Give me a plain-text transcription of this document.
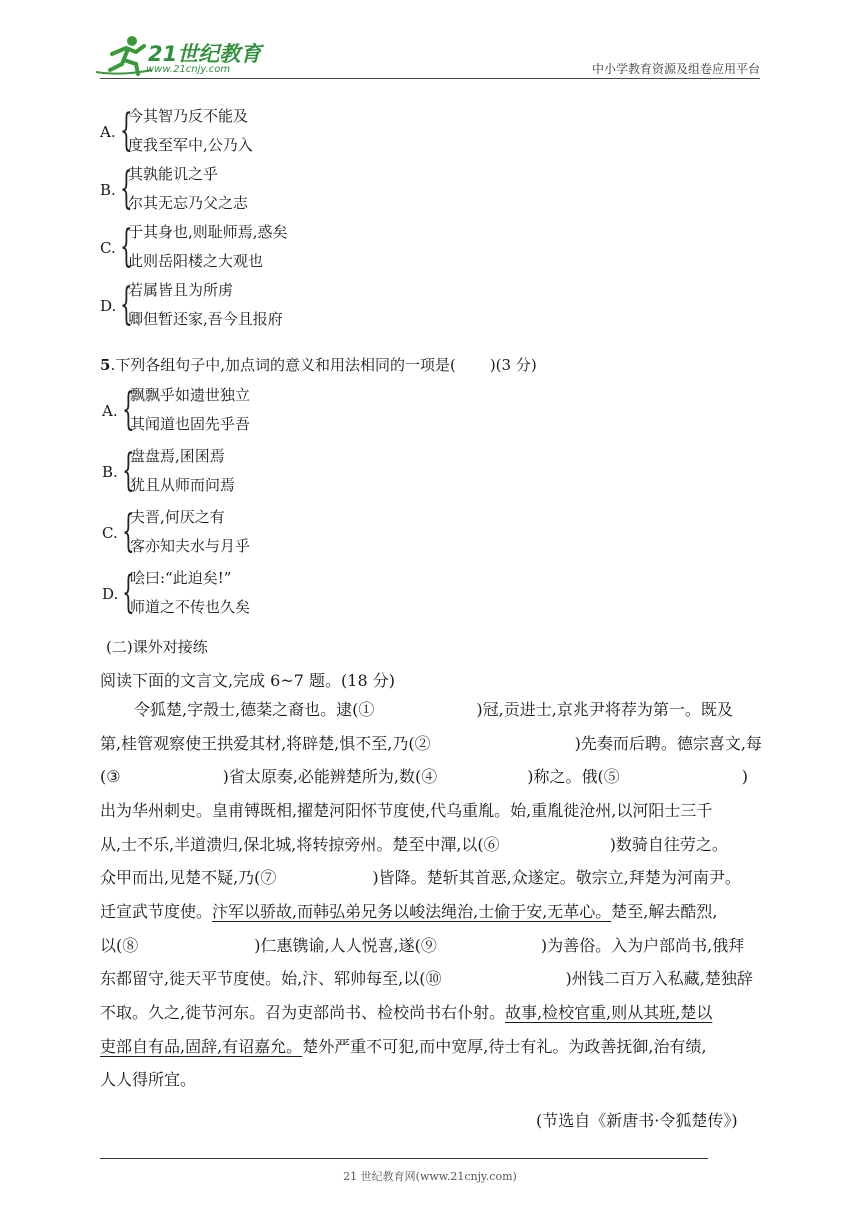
21世纪教育
www.21cnjy.com	中小学教育资源及组卷应用平台
A. {
今其智乃反不能及
度我至军中,公乃入
B. {
其孰能讥之乎
尔其无忘乃父之志
C. {
于其身也,则耻师焉,惑矣
此则岳阳楼之大观也
D. {
若属皆且为所虏
卿但暂还家,吾今且报府
5.下列各组句子中,加点词的意义和用法相同的一项是( )(3 分)
A. {
飘飘乎如遗世独立
其闻道也固先乎吾
B. {
盘盘焉,囷囷焉
犹且从师而问焉
C. {
夫晋,何厌之有
客亦知夫水与月乎
D. {
哙曰:“此迫矣!”
师道之不传也久矣
(二)课外对接练
阅读下面的文言文,完成 6~7 题。(18 分)
令狐楚,字殼士,德棻之裔也。逮(①	)冠,贡进士,京兆尹将荐为第一。既及
第,桂管观察使王拱爱其材,将辟楚,惧不至,乃(②	)先奏而后聘。德宗喜文,每
(③	)省太原奏,必能辨楚所为,数(④	)称之。俄(⑤	)
出为华州刺史。皇甫镈既相,擢楚河阳怀节度使,代乌重胤。始,重胤徙沧州,以河阳士三千
从,士不乐,半道溃归,保北城,将转掠旁州。楚至中潬,以(⑥	)数骑自往劳之。
众甲而出,见楚不疑,乃(⑦	)皆降。楚斩其首恶,众遂定。敬宗立,拜楚为河南尹。
迁宣武节度使。汴军以骄故,而韩弘弟兄务以峻法绳治,士偷于安,无革心。楚至,解去酷烈,
以(⑧	)仁惠镌谕,人人悦喜,遂(⑨	)为善俗。入为户部尚书,俄拜
东都留守,徙天平节度使。始,汴、郓帅每至,以(⑩	)州钱二百万入私藏,楚独辞
不取。久之,徙节河东。召为吏部尚书、检校尚书右仆射。故事,检校官重,则从其班,楚以
吏部自有品,固辞,有诏嘉允。楚外严重不可犯,而中宽厚,待士有礼。为政善抚御,治有绩,
人人得所宜。
(节选自《新唐书·令狐楚传》)
21 世纪教育网(www.21cnjy.com)
